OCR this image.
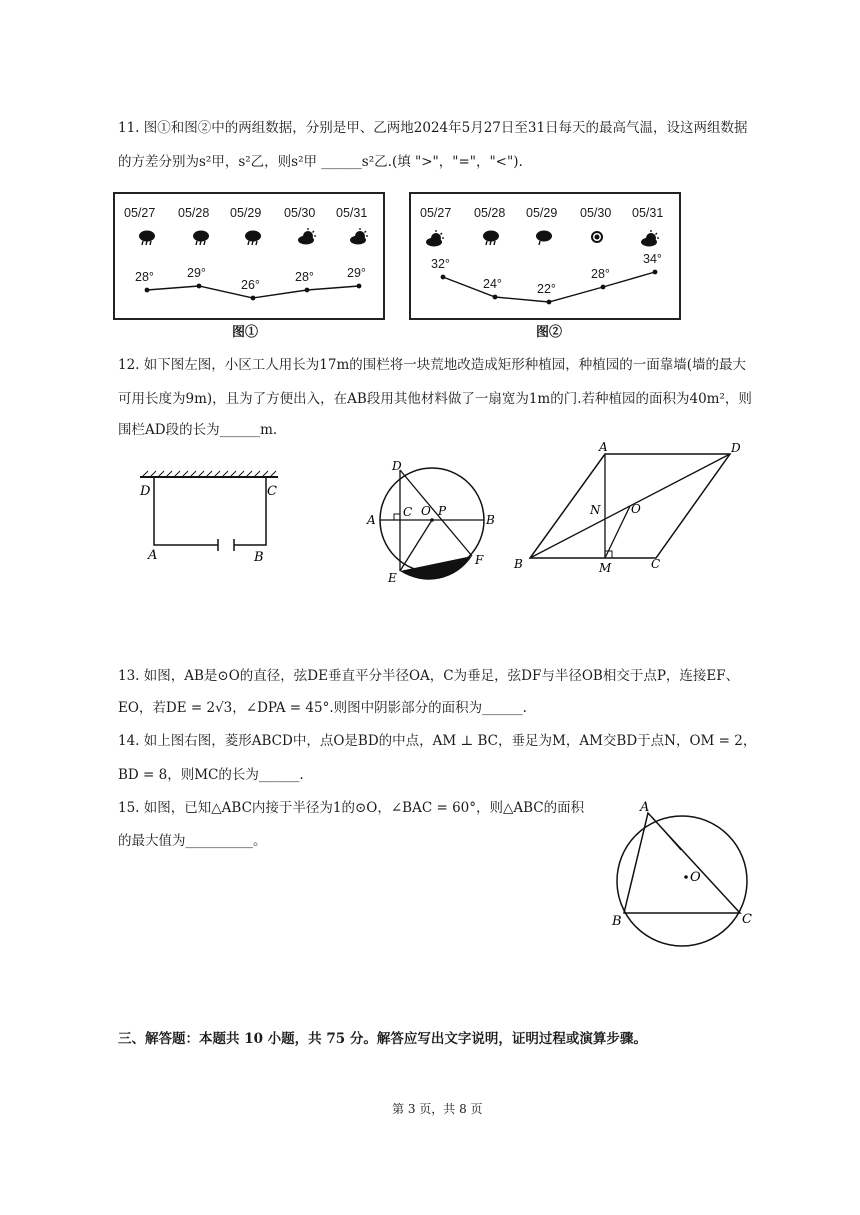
11. 图①和图②中的两组数据，分别是甲、乙两地2024年5月27日至31日每天的最高气温，设这两组数据
的方差分别为s²甲，s²乙，则s²甲 ______s²乙.(填 ">"，"="，"<").
05/27 05/28 05/29 05/30 05/31
28°	29°
26°
28°	29°
图①
05/27 05/28 05/29 05/30 05/31
32°
24°	22°
28°
34°
图②
12. 如下图左图，小区工人用长为17m的围栏将一块荒地改造成矩形种植园，种植园的一面靠墙(墙的最大
可用长度为9m)，且为了方便出入，在AB段用其他材料做了一扇宽为1m的门.若种植园的面积为40m²，则
围栏AD段的长为______m.
D	C
A	B
D
C O P
A	B
E
F
A	D
N	O
B	M	C
13. 如图，AB是⊙O的直径，弦DE垂直平分半径OA，C为垂足，弦DF与半径OB相交于点P，连接EF、
EO，若DE = 2√3，∠DPA = 45°.则图中阴影部分的面积为______.
14. 如上图右图，菱形ABCD中，点O是BD的中点，AM ⊥ BC，垂足为M，AM交BD于点N，OM = 2，
BD = 8，则MC的长为______.
15. 如图，已知△ABC内接于半径为1的⊙O，∠BAC = 60°，则△ABC的面积
的最大值为__________。
A
O
B	C
三、解答题：本题共 10 小题，共 75 分。解答应写出文字说明，证明过程或演算步骤。
第 3 页，共 8 页
